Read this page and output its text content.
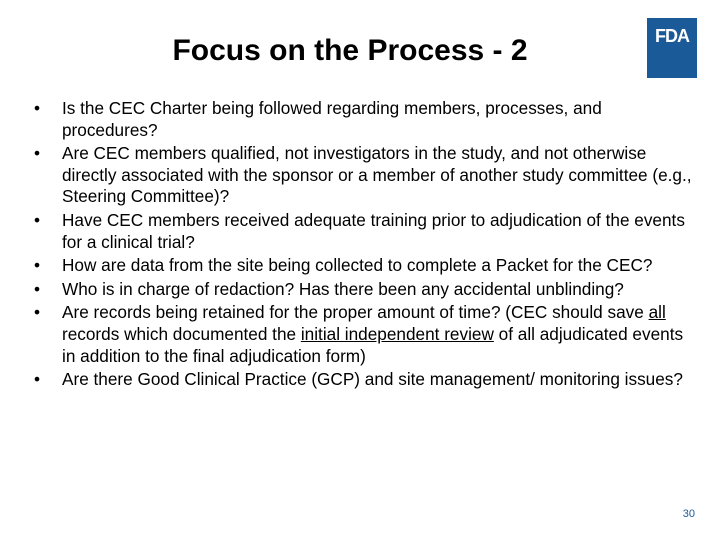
Focus on the Process - 2	FDA
• Is the CEC Charter being followed regarding members, processes, and procedures?
• Are CEC members qualified, not investigators in the study, and not otherwise directly associated with the sponsor or a member of another study committee (e.g., Steering Committee)?
• Have CEC members received adequate training prior to adjudication of the events for a clinical trial?
• How are data from the site being collected to complete a Packet for the CEC?
• Who is in charge of redaction? Has there been any accidental unblinding?
• Are records being retained for the proper amount of time? (CEC should save all records which documented the initial independent review of all adjudicated events in addition to the final adjudication form)
• Are there Good Clinical Practice (GCP) and site management/ monitoring issues?
30
